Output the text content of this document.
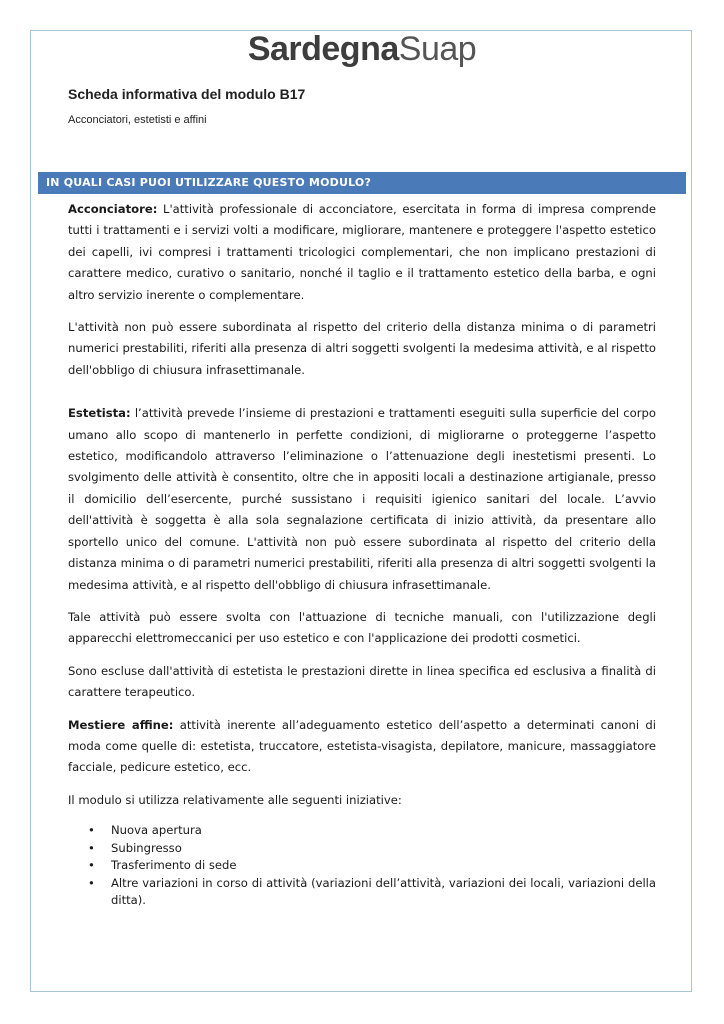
SardegnaSuap
Scheda informativa del modulo B17
Acconciatori, estetisti e affini
IN QUALI CASI PUOI UTILIZZARE QUESTO MODULO?

Acconciatore: L'attività professionale di acconciatore, esercitata in forma di impresa comprende tutti i trattamenti e i servizi volti a modificare, migliorare, mantenere e proteggere l'aspetto estetico dei capelli, ivi compresi i trattamenti tricologici complementari, che non implicano prestazioni di carattere medico, curativo o sanitario, nonché il taglio e il trattamento estetico della barba, e ogni altro servizio inerente o complementare.

L'attività non può essere subordinata al rispetto del criterio della distanza minima o di parametri numerici prestabiliti, riferiti alla presenza di altri soggetti svolgenti la medesima attività, e al rispetto dell'obbligo di chiusura infrasettimanale.

Estetista: l’attività prevede l’insieme di prestazioni e trattamenti eseguiti sulla superficie del corpo umano allo scopo di mantenerlo in perfette condizioni, di migliorarne o proteggerne l’aspetto estetico, modificandolo attraverso l’eliminazione o l’attenuazione degli inestetismi presenti. Lo svolgimento delle attività è consentito, oltre che in appositi locali a destinazione artigianale, presso il domicilio dell’esercente, purché sussistano i requisiti igienico sanitari del locale. L’avvio dell'attività è soggetta è alla sola segnalazione certificata di inizio attività, da presentare allo sportello unico del comune. L'attività non può essere subordinata al rispetto del criterio della distanza minima o di parametri numerici prestabiliti, riferiti alla presenza di altri soggetti svolgenti la medesima attività, e al rispetto dell'obbligo di chiusura infrasettimanale.

Tale attività può essere svolta con l'attuazione di tecniche manuali, con l'utilizzazione degli apparecchi elettromeccanici per uso estetico e con l'applicazione dei prodotti cosmetici.

Sono escluse dall'attività di estetista le prestazioni dirette in linea specifica ed esclusiva a finalità di carattere terapeutico.

Mestiere affine: attività inerente all’adeguamento estetico dell’aspetto a determinati canoni di moda come quelle di: estetista, truccatore, estetista-visagista, depilatore, manicure, massaggiatore facciale, pedicure estetico, ecc.

Il modulo si utilizza relativamente alle seguenti iniziative:

• Nuova apertura
• Subingresso
• Trasferimento di sede
• Altre variazioni in corso di attività (variazioni dell’attività, variazioni dei locali, variazioni della ditta).
